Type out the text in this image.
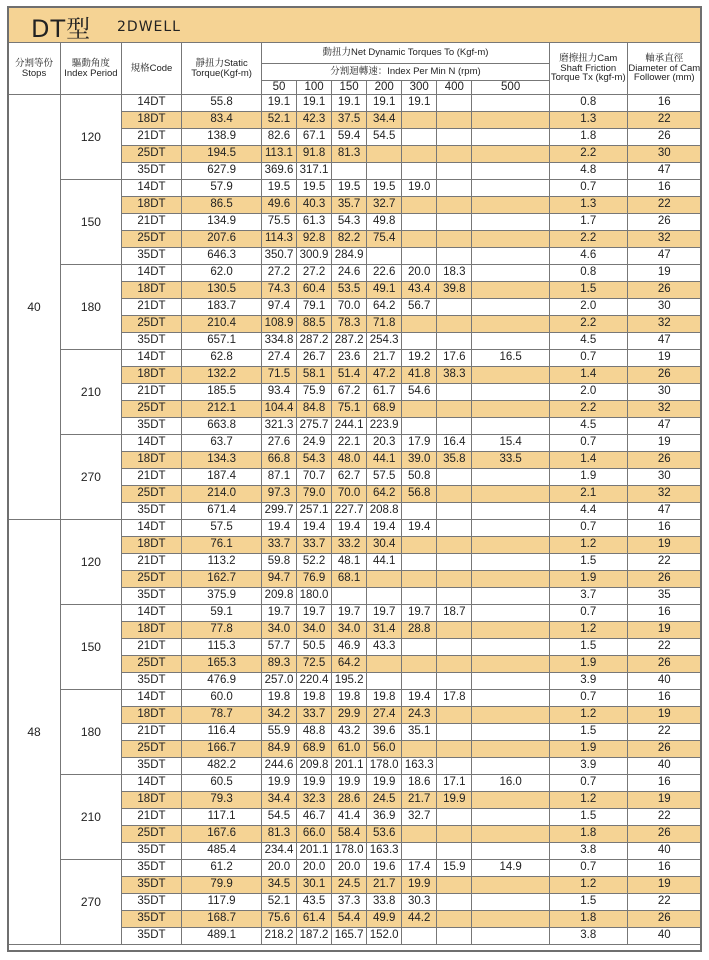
DT型 2DWELL
分割等份Stops	驅動角度Index Period	規格Code	靜扭力Static Torque(Kgf-m)	動扭力Net Dynamic Torques To (Kgf-m)							磨擦扭力Cam Shaft Friction Torque Tx (kgf-m)	軸承直徑Diameter of Cam Follower (mm)
				分割迴轉速：Index Per Min N (rpm)								
				50	100	150	200	300	400	500		
40	120	14DT	55.8	19.1	19.1	19.1	19.1	19.1			0.8	16
		18DT	83.4	52.1	42.3	37.5	34.4				1.3	22
		21DT	138.9	82.6	67.1	59.4	54.5				1.8	26
		25DT	194.5	113.1	91.8	81.3					2.2	30
		35DT	627.9	369.6	317.1						4.8	47
	150	14DT	57.9	19.5	19.5	19.5	19.5	19.0			0.7	16
		18DT	86.5	49.6	40.3	35.7	32.7				1.3	22
		21DT	134.9	75.5	61.3	54.3	49.8				1.7	26
		25DT	207.6	114.3	92.8	82.2	75.4				2.2	32
		35DT	646.3	350.7	300.9	284.9					4.6	47
	180	14DT	62.0	27.2	27.2	24.6	22.6	20.0	18.3		0.8	19
		18DT	130.5	74.3	60.4	53.5	49.1	43.4	39.8		1.5	26
		21DT	183.7	97.4	79.1	70.0	64.2	56.7			2.0	30
		25DT	210.4	108.9	88.5	78.3	71.8				2.2	32
		35DT	657.1	334.8	287.2	287.2	254.3				4.5	47
	210	14DT	62.8	27.4	26.7	23.6	21.7	19.2	17.6	16.5	0.7	19
		18DT	132.2	71.5	58.1	51.4	47.2	41.8	38.3		1.4	26
		21DT	185.5	93.4	75.9	67.2	61.7	54.6			2.0	30
		25DT	212.1	104.4	84.8	75.1	68.9				2.2	32
		35DT	663.8	321.3	275.7	244.1	223.9				4.5	47
	270	14DT	63.7	27.6	24.9	22.1	20.3	17.9	16.4	15.4	0.7	19
		18DT	134.3	66.8	54.3	48.0	44.1	39.0	35.8	33.5	1.4	26
		21DT	187.4	87.1	70.7	62.7	57.5	50.8			1.9	30
		25DT	214.0	97.3	79.0	70.0	64.2	56.8			2.1	32
		35DT	671.4	299.7	257.1	227.7	208.8				4.4	47
48	120	14DT	57.5	19.4	19.4	19.4	19.4	19.4			0.7	16
		18DT	76.1	33.7	33.7	33.2	30.4				1.2	19
		21DT	113.2	59.8	52.2	48.1	44.1				1.5	22
		25DT	162.7	94.7	76.9	68.1					1.9	26
		35DT	375.9	209.8	180.0						3.7	35
	150	14DT	59.1	19.7	19.7	19.7	19.7	19.7	18.7		0.7	16
		18DT	77.8	34.0	34.0	34.0	31.4	28.8			1.2	19
		21DT	115.3	57.7	50.5	46.9	43.3				1.5	22
		25DT	165.3	89.3	72.5	64.2					1.9	26
		35DT	476.9	257.0	220.4	195.2					3.9	40
	180	14DT	60.0	19.8	19.8	19.8	19.8	19.4	17.8		0.7	16
		18DT	78.7	34.2	33.7	29.9	27.4	24.3			1.2	19
		21DT	116.4	55.9	48.8	43.2	39.6	35.1			1.5	22
		25DT	166.7	84.9	68.9	61.0	56.0				1.9	26
		35DT	482.2	244.6	209.8	201.1	178.0	163.3			3.9	40
	210	14DT	60.5	19.9	19.9	19.9	19.9	18.6	17.1	16.0	0.7	16
		18DT	79.3	34.4	32.3	28.6	24.5	21.7	19.9		1.2	19
		21DT	117.1	54.5	46.7	41.4	36.9	32.7			1.5	22
		25DT	167.6	81.3	66.0	58.4	53.6				1.8	26
		35DT	485.4	234.4	201.1	178.0	163.3				3.8	40
	270	35DT	61.2	20.0	20.0	20.0	19.6	17.4	15.9	14.9	0.7	16
		35DT	79.9	34.5	30.1	24.5	21.7	19.9			1.2	19
		35DT	117.9	52.1	43.5	37.3	33.8	30.3			1.5	22
		35DT	168.7	75.6	61.4	54.4	49.9	44.2			1.8	26
		35DT	489.1	218.2	187.2	165.7	152.0				3.8	40
